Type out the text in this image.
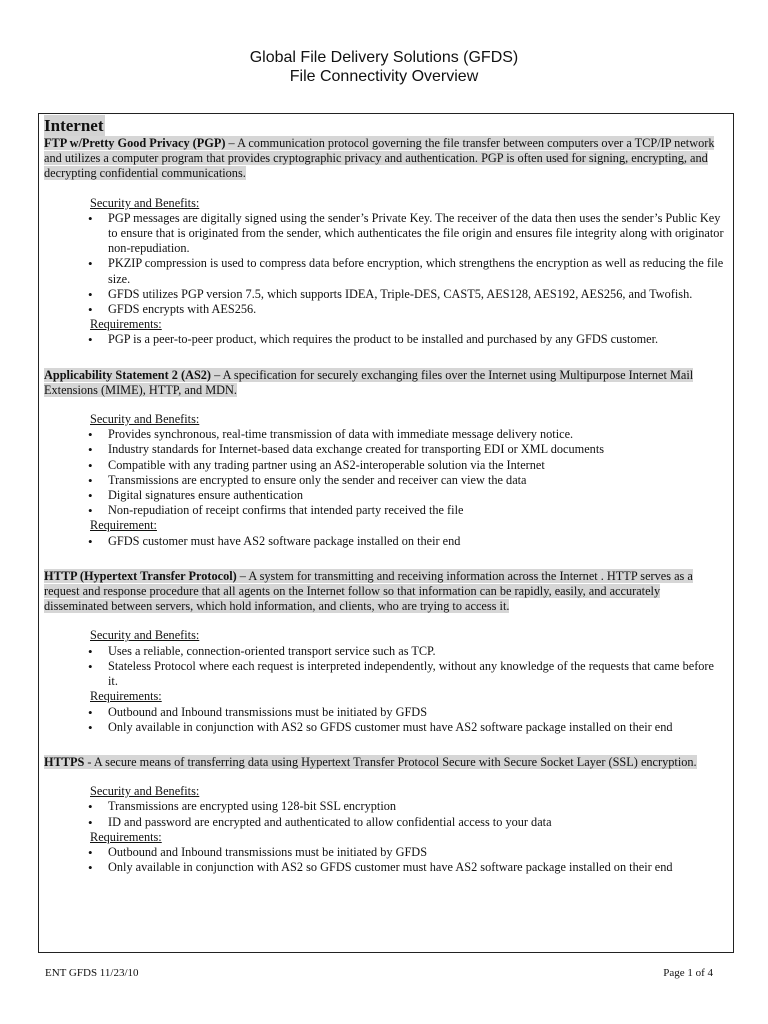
Global File Delivery Solutions (GFDS)
File Connectivity Overview
Internet

FTP w/Pretty Good Privacy (PGP) – A communication protocol governing the file transfer between computers over a TCP/IP network and utilizes a computer program that provides cryptographic privacy and authentication. PGP is often used for signing, encrypting, and decrypting confidential communications.

Security and Benefits:
• PGP messages are digitally signed using the sender’s Private Key. The receiver of the data then uses the sender’s Public Key to ensure that is originated from the sender, which authenticates the file origin and ensures file integrity along with originator non-repudiation.
• PKZIP compression is used to compress data before encryption, which strengthens the encryption as well as reducing the file size.
• GFDS utilizes PGP version 7.5, which supports IDEA, Triple-DES, CAST5, AES128, AES192, AES256, and Twofish.
• GFDS encrypts with AES256.
Requirements:
• PGP is a peer-to-peer product, which requires the product to be installed and purchased by any GFDS customer.

Applicability Statement 2 (AS2) – A specification for securely exchanging files over the Internet using Multipurpose Internet Mail Extensions (MIME), HTTP, and MDN.

Security and Benefits:
• Provides synchronous, real-time transmission of data with immediate message delivery notice.
• Industry standards for Internet-based data exchange created for transporting EDI or XML documents
• Compatible with any trading partner using an AS2-interoperable solution via the Internet
• Transmissions are encrypted to ensure only the sender and receiver can view the data
• Digital signatures ensure authentication
• Non-repudiation of receipt confirms that intended party received the file
Requirement:
• GFDS customer must have AS2 software package installed on their end

HTTP (Hypertext Transfer Protocol) – A system for transmitting and receiving information across the Internet . HTTP serves as a request and response procedure that all agents on the Internet follow so that information can be rapidly, easily, and accurately disseminated between servers, which hold information, and clients, who are trying to access it.

Security and Benefits:
• Uses a reliable, connection-oriented transport service such as TCP.
• Stateless Protocol where each request is interpreted independently, without any knowledge of the requests that came before it.
Requirements:
• Outbound and Inbound transmissions must be initiated by GFDS
• Only available in conjunction with AS2 so GFDS customer must have AS2 software package installed on their end

HTTPS - A secure means of transferring data using Hypertext Transfer Protocol Secure with Secure Socket Layer (SSL) encryption.

Security and Benefits:
• Transmissions are encrypted using 128-bit SSL encryption
• ID and password are encrypted and authenticated to allow confidential access to your data
Requirements:
• Outbound and Inbound transmissions must be initiated by GFDS
• Only available in conjunction with AS2 so GFDS customer must have AS2 software package installed on their end
ENT GFDS 11/23/10	Page 1 of 4
